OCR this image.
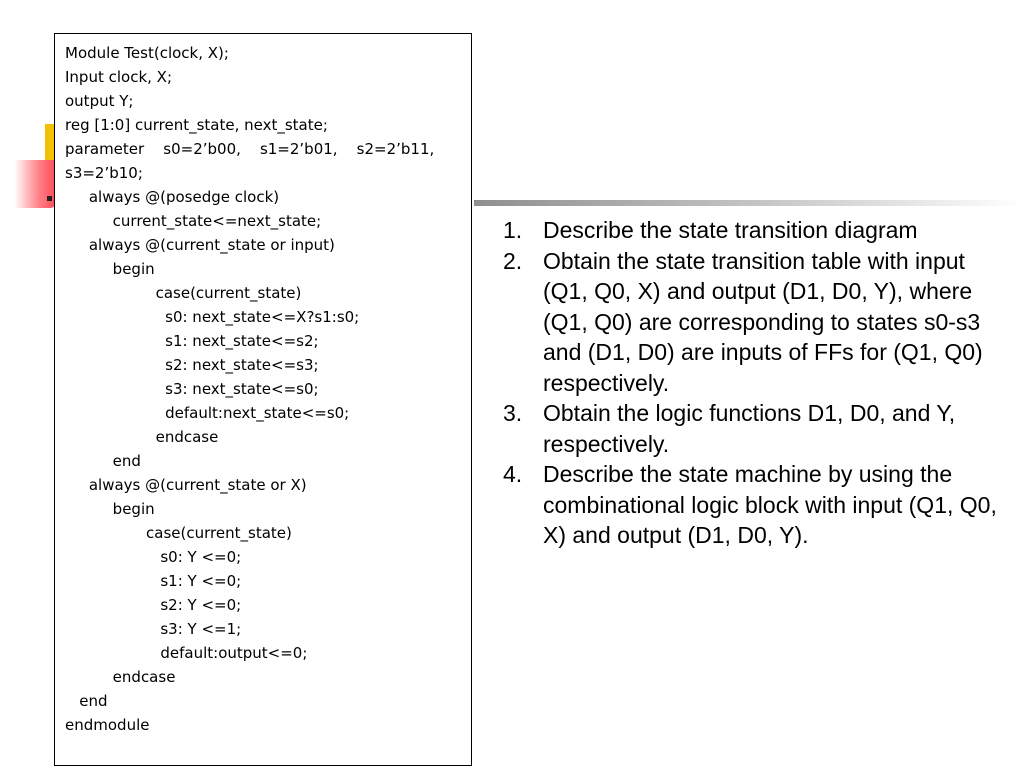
Module Test(clock, X);
Input clock, X;
output Y;
reg [1:0] current_state, next_state;
parameter    s0=2’b00,    s1=2’b01,    s2=2’b11,
s3=2’b10;
always @(posedge clock)
current_state<=next_state;
always @(current_state or input)
begin
case(current_state)
s0: next_state<=X?s1:s0;
s1: next_state<=s2;
s2: next_state<=s3;
s3: next_state<=s0;
default:next_state<=s0;
endcase
end
always @(current_state or X)
begin
case(current_state)
s0: Y <=0;
s1: Y <=0;
s2: Y <=0;
s3: Y <=1;
default:output<=0;
endcase
end
endmodule
1. Describe the state transition diagram
2. Obtain the state transition table with input (Q1, Q0, X) and output (D1, D0, Y), where (Q1, Q0) are corresponding to states s0-s3 and (D1, D0) are inputs of FFs for (Q1, Q0) respectively.
3. Obtain the logic functions D1, D0, and Y, respectively.
4. Describe the state machine by using the combinational logic block with input (Q1, Q0, X) and output (D1, D0, Y).
